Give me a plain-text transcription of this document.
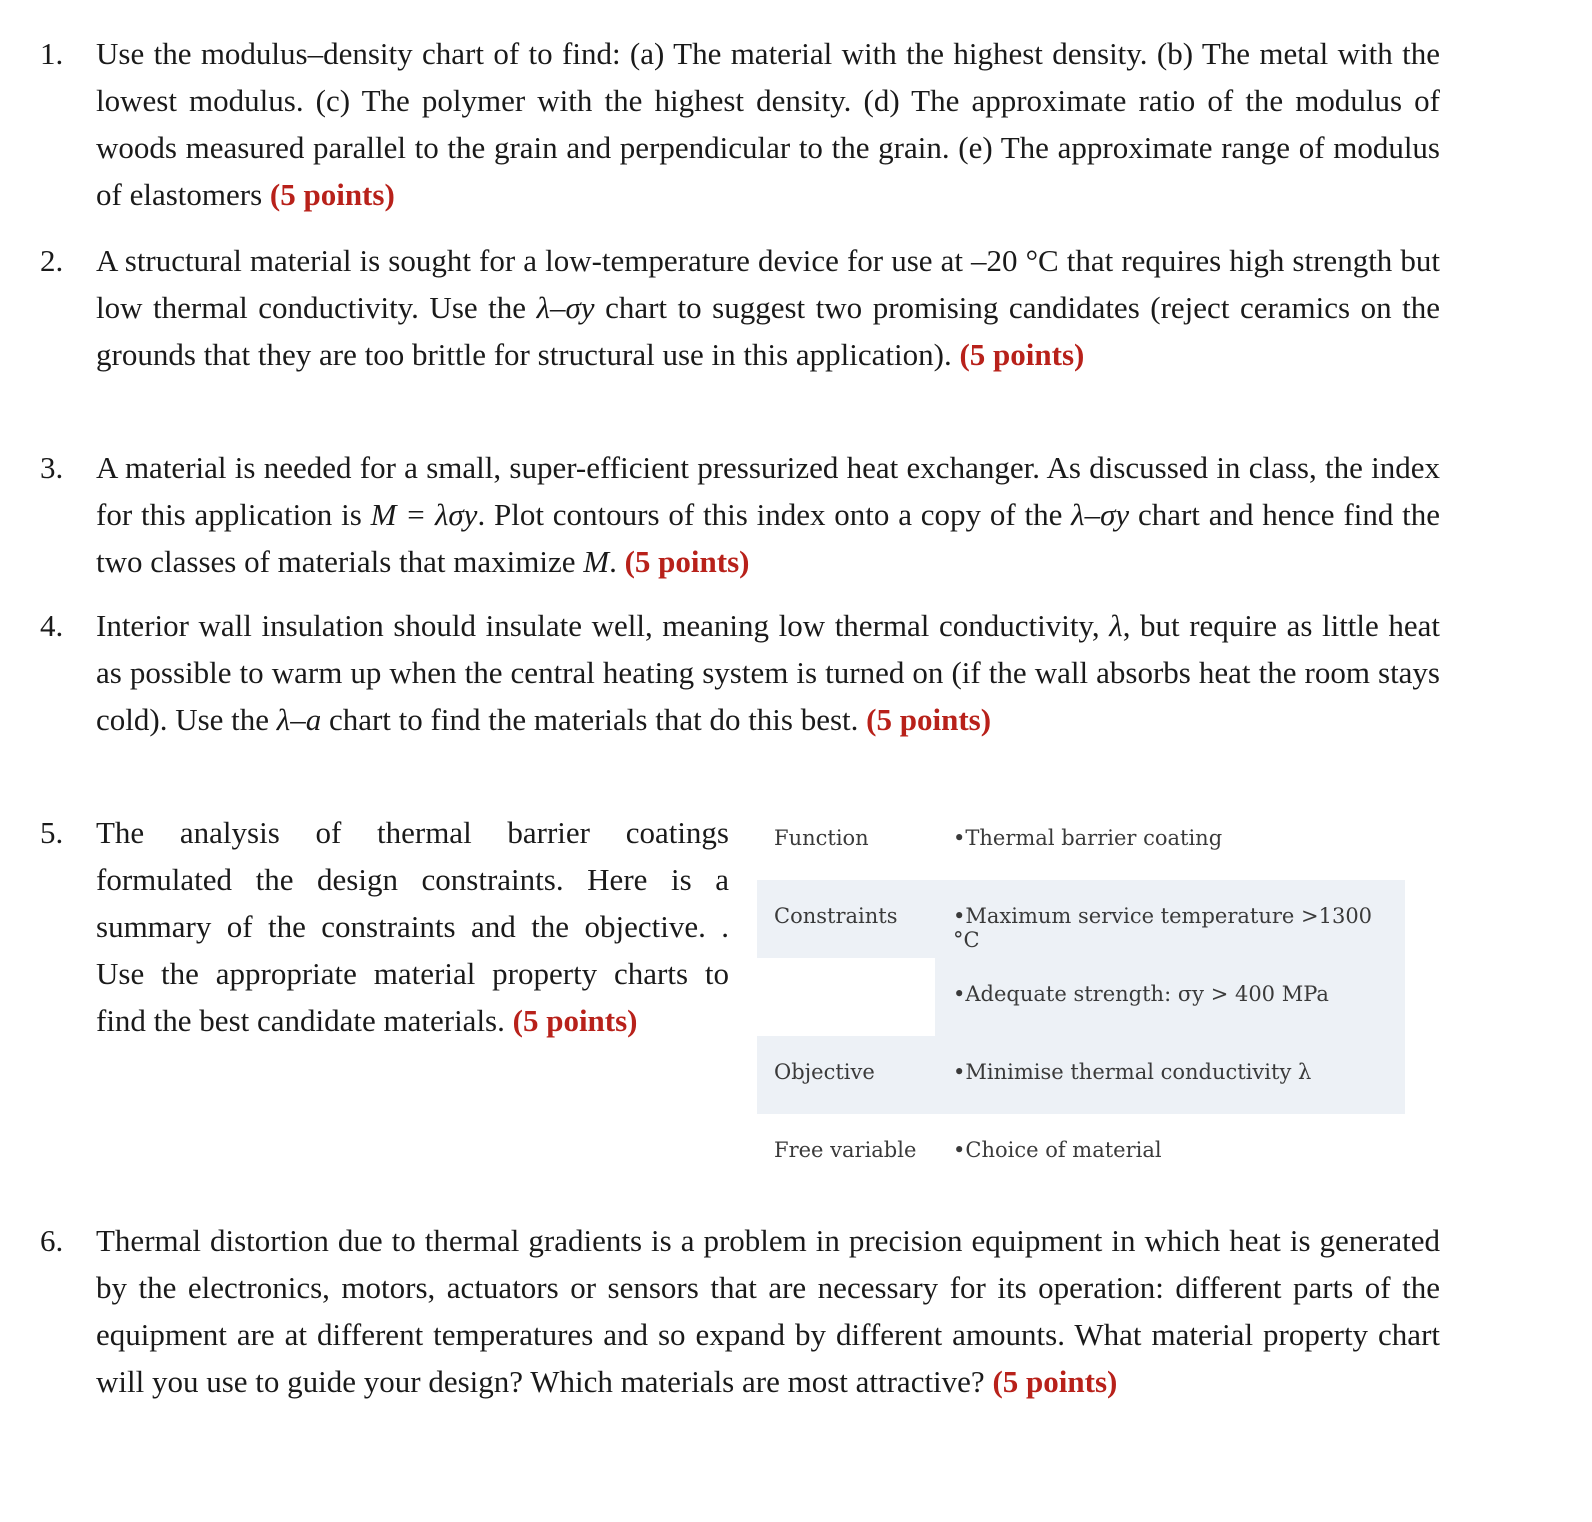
1.	Use the modulus–density chart of to find: (a) The material with the highest density. (b) The metal with the lowest modulus. (c) The polymer with the highest density. (d) The approximate ratio of the modulus of woods measured parallel to the grain and perpendicular to the grain. (e) The approximate range of modulus of elastomers (5 points)
2.	A structural material is sought for a low-temperature device for use at –20 °C that requires high strength but low thermal conductivity. Use the λ–σy chart to suggest two promising candidates (reject ceramics on the grounds that they are too brittle for structural use in this application). (5 points)
3.	A material is needed for a small, super-efficient pressurized heat exchanger. As discussed in class, the index for this application is M = λσy. Plot contours of this index onto a copy of the λ–σy chart and hence find the two classes of materials that maximize M. (5 points)
4.	Interior wall insulation should insulate well, meaning low thermal conductivity, λ, but require as little heat as possible to warm up when the central heating system is turned on (if the wall absorbs heat the room stays cold). Use the λ–a chart to find the materials that do this best. (5 points)
5.	The analysis of thermal barrier coatings formulated the design constraints. Here is a summary of the constraints and the objective. . Use the appropriate material property charts to find the best candidate materials. (5 points)
Function	•Thermal barrier coating
Constraints	•Maximum service temperature >1300 °C
•Adequate strength: σy > 400 MPa
Objective	•Minimise thermal conductivity λ
Free variable •Choice of material
6.	Thermal distortion due to thermal gradients is a problem in precision equipment in which heat is generated by the electronics, motors, actuators or sensors that are necessary for its operation: different parts of the equipment are at different temperatures and so expand by different amounts. What material property chart will you use to guide your design? Which materials are most attractive? (5 points)
